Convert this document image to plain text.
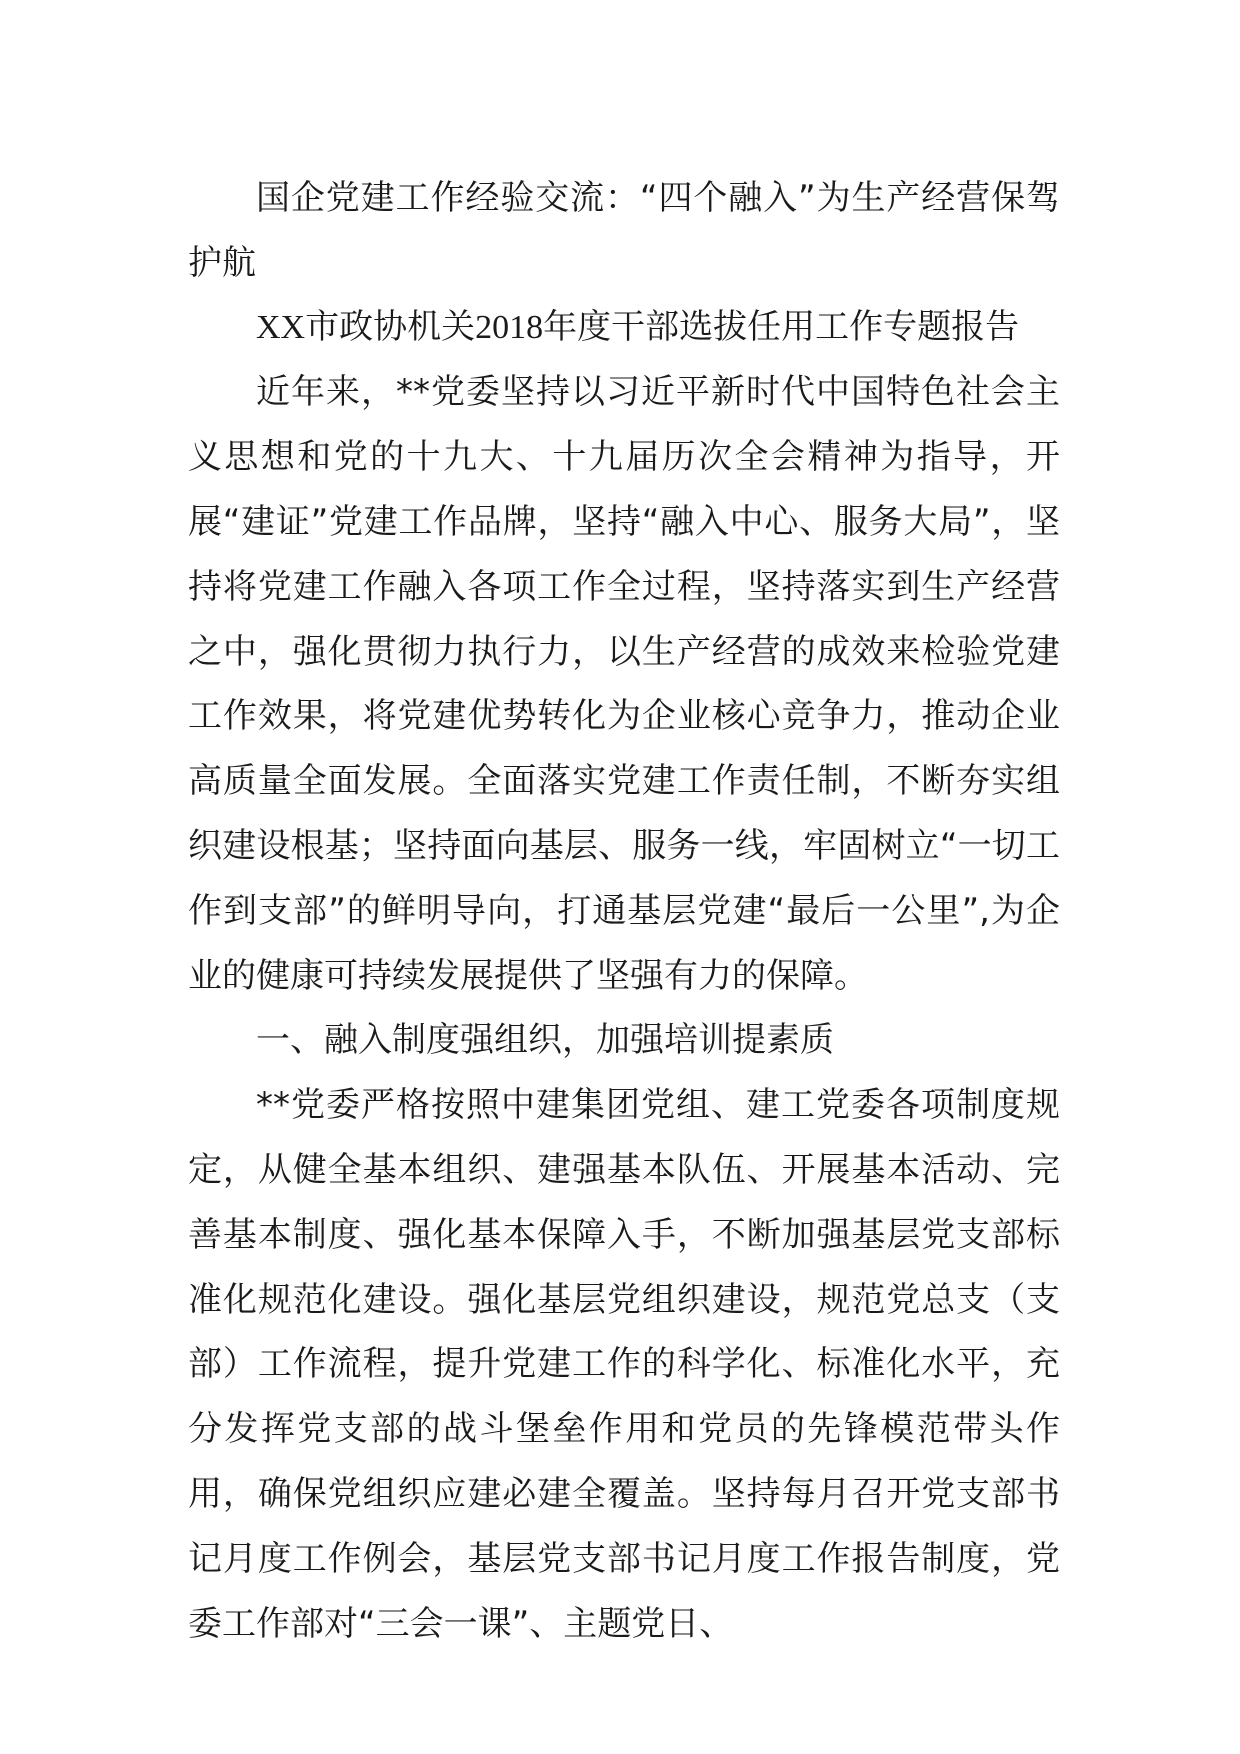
国企党建工作经验交流：“四个融入”为生产经营保驾护航

XX市政协机关2018年度干部选拔任用工作专题报告

近年来，**党委坚持以习近平新时代中国特色社会主义思想和党的十九大、十九届历次全会精神为指导，开展“建证”党建工作品牌，坚持“融入中心、服务大局”，坚持将党建工作融入各项工作全过程，坚持落实到生产经营之中，强化贯彻力执行力，以生产经营的成效来检验党建工作效果，将党建优势转化为企业核心竞争力，推动企业高质量全面发展。全面落实党建工作责任制，不断夯实组织建设根基；坚持面向基层、服务一线，牢固树立“一切工作到支部”的鲜明导向，打通基层党建“最后一公里”,为企业的健康可持续发展提供了坚强有力的保障。

一、融入制度强组织，加强培训提素质

**党委严格按照中建集团党组、建工党委各项制度规定，从健全基本组织、建强基本队伍、开展基本活动、完善基本制度、强化基本保障入手，不断加强基层党支部标准化规范化建设。强化基层党组织建设，规范党总支（支部）工作流程，提升党建工作的科学化、标准化水平，充分发挥党支部的战斗堡垒作用和党员的先锋模范带头作用，确保党组织应建必建全覆盖。坚持每月召开党支部书记月度工作例会，基层党支部书记月度工作报告制度，党委工作部对“三会一课”、主题党日、
